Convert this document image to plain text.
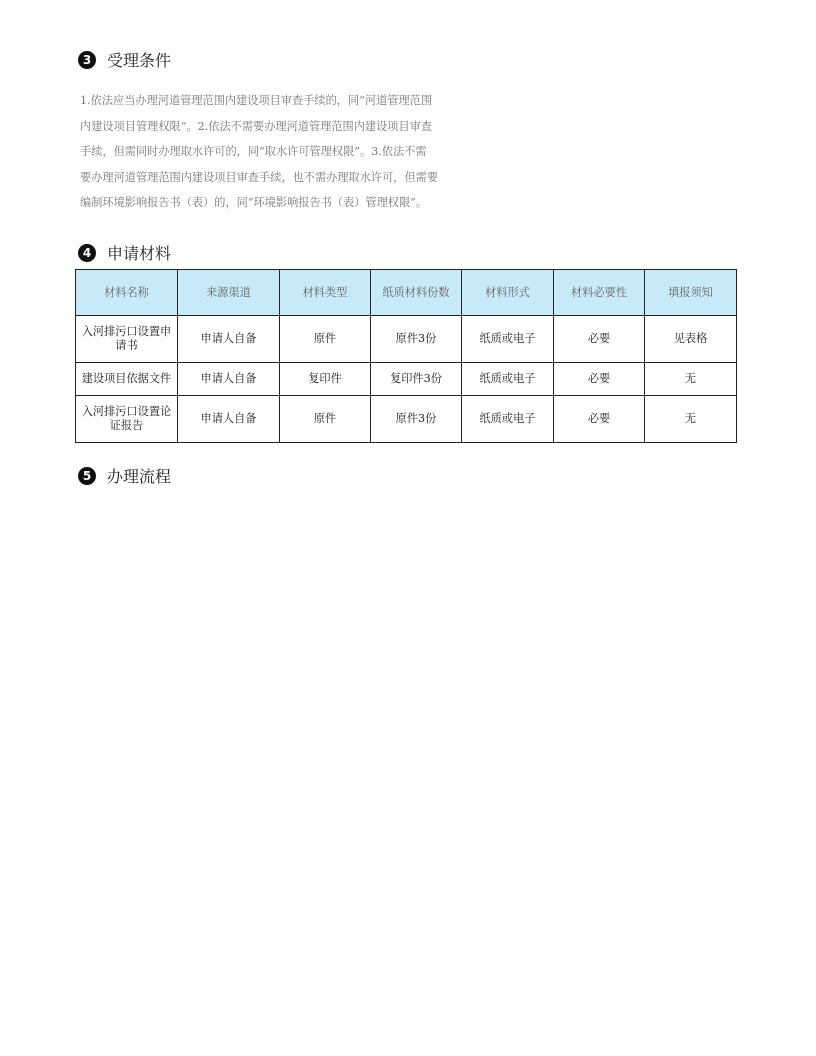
3 受理条件
1.依法应当办理河道管理范围内建设项目审查手续的，同“河道管理范围
内建设项目管理权限”。2.依法不需要办理河道管理范围内建设项目审查
手续，但需同时办理取水许可的，同“取水许可管理权限”。3.依法不需
要办理河道管理范围内建设项目审查手续，也不需办理取水许可，但需要
编制环境影响报告书（表）的，同“环境影响报告书（表）管理权限”。
4 申请材料
材料名称	来源渠道	材料类型	纸质材料份数	材料形式	材料必要性	填报须知
入河排污口设置申请书	申请人自备	原件	原件3份	纸质或电子	必要	见表格
建设项目依据文件	申请人自备	复印件	复印件3份	纸质或电子	必要	无
入河排污口设置论证报告	申请人自备	原件	原件3份	纸质或电子	必要	无
5 办理流程
